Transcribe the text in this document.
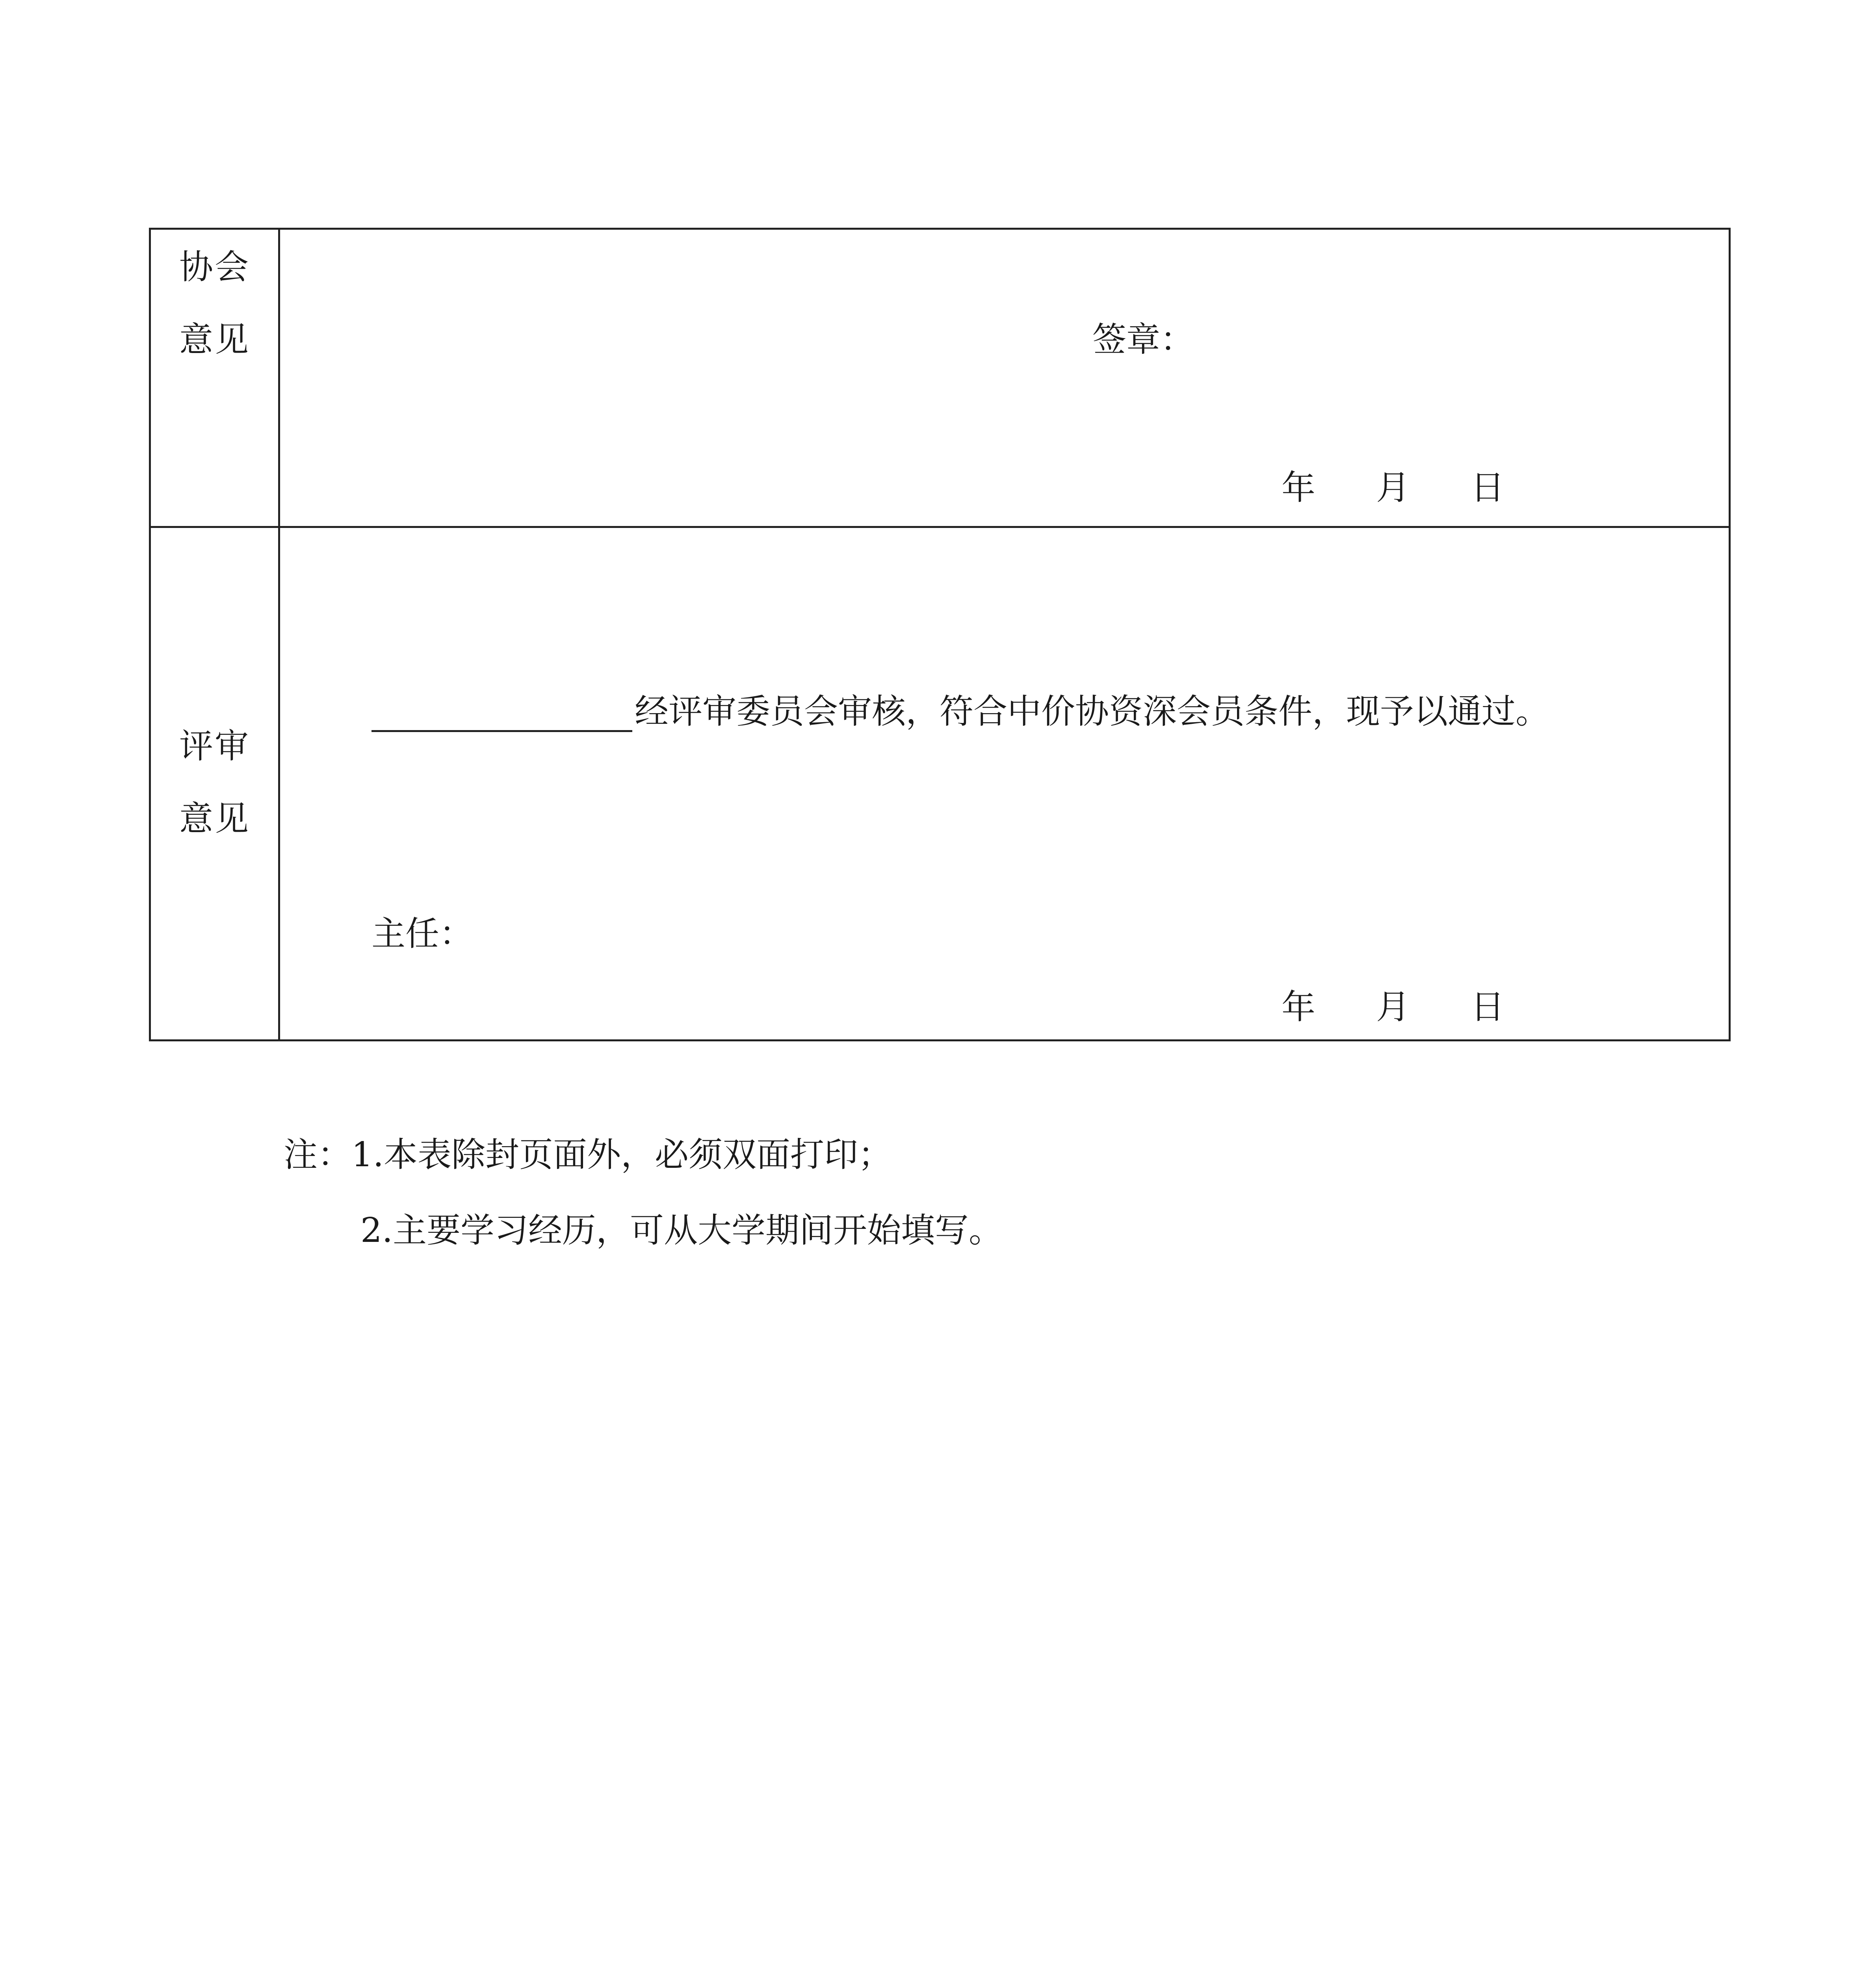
协会
意见	签章：
年 月 日
评审
意见
经评审委员会审核，符合中价协资深会员条件，现予以通过。
主任：
年 月 日
注：1.本表除封页面外，必须双面打印；
2.主要学习经历，可从大学期间开始填写。
